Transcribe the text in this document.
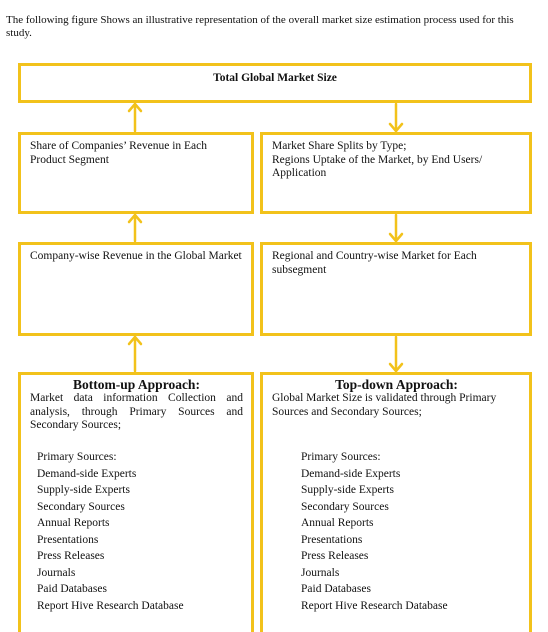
The following figure Shows an illustrative representation of the overall market size estimation process used for this study.
Total Global Market Size
Share of Companies’ Revenue in Each Product Segment
Market Share Splits by Type;
Regions Uptake of the Market, by End Users/ Application
Company-wise Revenue in the Global Market	Regional and Country-wise Market for Each subsegment
Bottom-up Approach:
Market data information Collection and analysis, through Primary Sources and Secondary Sources;
Primary Sources:
Demand-side Experts
Supply-side Experts
Secondary Sources
Annual Reports
Presentations
Press Releases
Journals
Paid Databases
Report Hive Research Database
Top-down Approach:
Global Market Size is validated through Primary Sources and Secondary Sources;
Primary Sources:
Demand-side Experts
Supply-side Experts
Secondary Sources
Annual Reports
Presentations
Press Releases
Journals
Paid Databases
Report Hive Research Database
